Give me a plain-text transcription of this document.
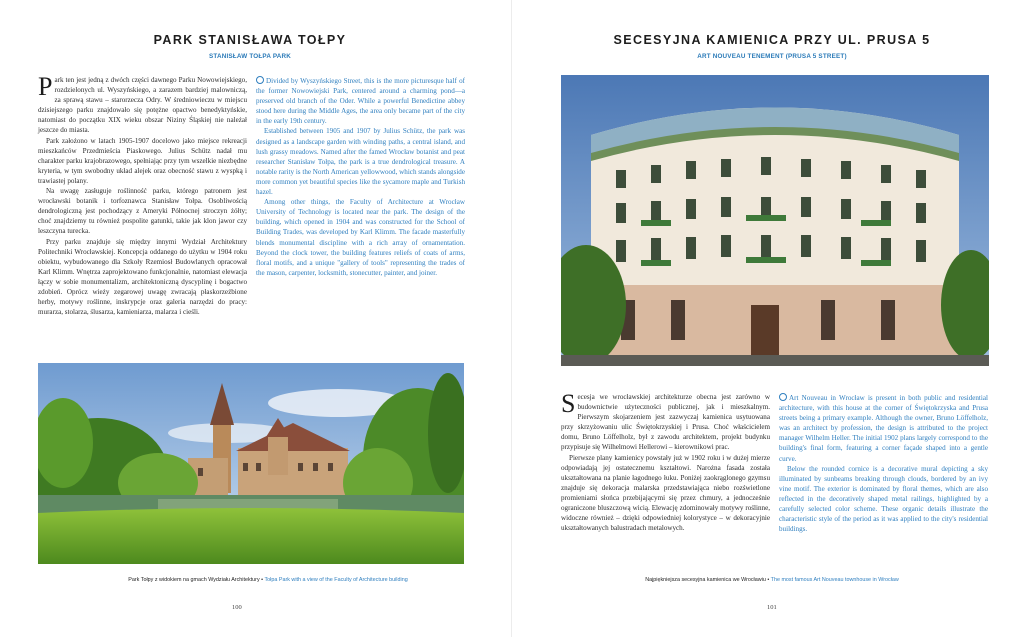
PARK STANISŁAWA TOŁPY
STANISŁAW TOŁPA PARK

Park ten jest jedną z dwóch części dawnego Parku Nowowiejskiego, rozdzielonych ul. Wyszyńskiego, a zarazem bardziej malowniczą, za sprawą stawu – starorzecza Odry. W średniowieczu w miejscu dzisiejszego parku znajdowało się potężne opactwo benedyktyńskie, natomiast do początku XIX wieku obszar Niziny Śląskiej nie należał jeszcze do miasta.

Park założono w latach 1905-1907 docelowo jako miejsce rekreacji mieszkańców Przedmieścia Piaskowego. Julius Schütz nadał mu charakter parku krajobrazowego, spełniając przy tym wszelkie niezbędne kryteria, w tym swobodny układ alejek oraz obecność stawu z wyspką i trawiastej polany.

Na uwagę zasługuje roślinność parku, którego patronem jest wrocławski botanik i torfoznawca Stanisław Tołpa. Osobliwością dendrologiczną jest pochodzący z Ameryki Północnej stroczyn żółty; choć znajdziemy tu również pospolite gatunki, takie jak klon jawor czy leszczyna turecka.

Przy parku znajduje się między innymi Wydział Architektury Politechniki Wrocławskiej. Koncepcja oddanego do użytku w 1904 roku obiektu, wybudowanego dla Szkoły Rzemiosł Budowlanych opracował Karl Klimm. Wnętrza zaprojektowano funkcjonalnie, natomiast elewacja łączy w sobie monumentalizm, architektoniczną dyscyplinę i bogactwo zdobień. Oprócz wieży zegarowej uwagę zwracają płaskorzeźbione herby, motywy roślinne, inskrypcje oraz galeria narzędzi do pracy: murarza, stolarza, ślusarza, kamieniarza, malarza i cieśli.

Divided by Wyszyńskiego Street, this is the more picturesque half of the former Nowowiejski Park, centered around a charming pond—a preserved old branch of the Oder. While a powerful Benedictine abbey stood here during the Middle Ages, the area only became part of the city in the early 19th century.

Established between 1905 and 1907 by Julius Schütz, the park was designed as a landscape garden with winding paths, a central island, and lush grassy meadows. Named after the famed Wrocław botanist and peat researcher Stanisław Tołpa, the park is a true dendrological treasure. A notable rarity is the North American yellowwood, which stands alongside more common yet beautiful species like the sycamore maple and Turkish hazel.

Among other things, the Faculty of Architecture at Wrocław University of Technology is located near the park. The design of the building, which opened in 1904 and was constructed for the School of Building Trades, was developed by Karl Klimm. The facade masterfully blends monumental discipline with a rich array of ornamentation. Beyond the clock tower, the building features reliefs of coats of arms, floral motifs, and a unique "gallery of tools" representing the trades of the mason, carpenter, locksmith, stonecutter, painter, and joiner.

Park Tołpy z widokiem na gmach Wydziału Architektury • Tołpa Park with a view of the Faculty of Architecture building
100
SECESYJNA KAMIENICA PRZY UL. PRUSA 5
ART NOUVEAU TENEMENT (PRUSA 5 STREET)

Secesja we wrocławskiej architekturze obecna jest zarówno w budownictwie użyteczności publicznej, jak i mieszkalnym. Pierwszym skojarzeniem jest zazwyczaj kamienica usytuowana przy skrzyżowaniu ulic Świętokrzyskiej i Prusa. Choć właścicielem domu, Bruno Löffelholz, był z zawodu architektem, projekt budynku przypisuje się Wilhelmowi Hellerowi – kierownikowi prac.

Pierwsze plany kamienicy powstały już w 1902 roku i w dużej mierze odpowiadają jej ostatecznemu kształtowi. Narożna fasada została ukształtowana na planie łagodnego łuku. Poniżej zaokrąglonego gzymsu znajduje się dekoracja malarska przedstawiająca niebo rozświetlone promieniami słońca przebijającymi się przez chmury, a jednocześnie ograniczone bluszczową wicią. Elewację zdominowały motywy roślinne, widoczne również – dzięki odpowiedniej kolorystyce – w dekoracyjnie ukształtowanych balustradach metalowych.

Art Nouveau in Wrocław is present in both public and residential architecture, with this house at the corner of Świętokrzyska and Prusa streets being a primary example. Although the owner, Bruno Löffelholz, was an architect by profession, the design is attributed to the project manager Wilhelm Heller. The initial 1902 plans largely correspond to the building's final form, featuring a corner façade shaped into a gentle curve.

Below the rounded cornice is a decorative mural depicting a sky illuminated by sunbeams breaking through clouds, bordered by an ivy vine motif. The exterior is dominated by floral themes, which are also reflected in the decoratively shaped metal railings, highlighted by a carefully selected color scheme. These organic details illustrate the characteristic style of the period as it was applied to the city's residential buildings.

Najpiękniejsza secesyjna kamienica we Wrocławiu • The most famous Art Nouveau townhouse in Wrocław
101
